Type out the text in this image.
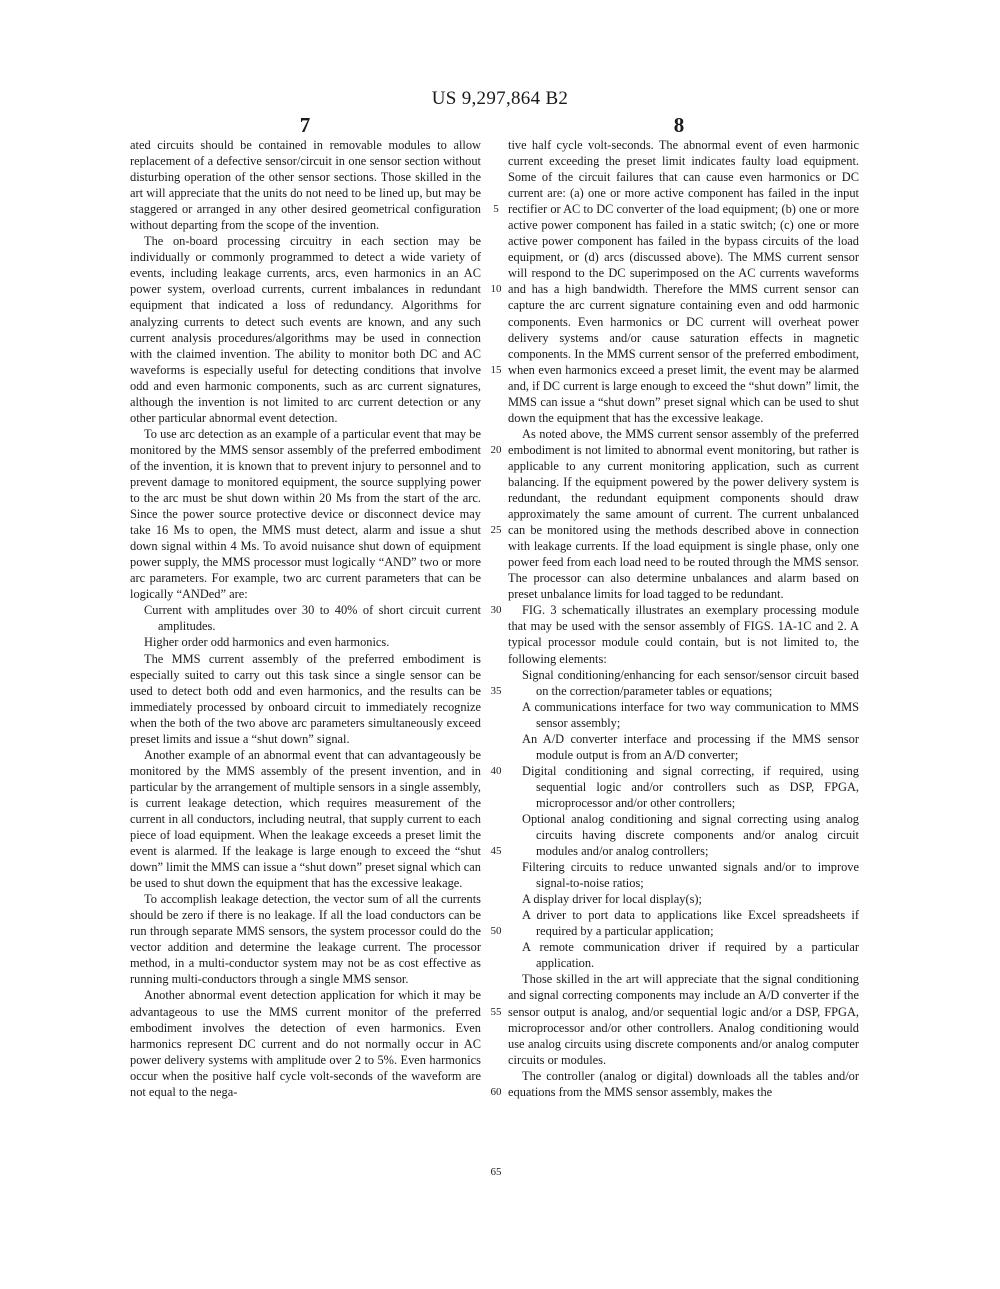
US 9,297,864 B2
7	8

ated circuits should be contained in removable modules to allow replacement of a defective sensor/circuit in one sensor section without disturbing operation of the other sensor sections. Those skilled in the art will appreciate that the units do not need to be lined up, but may be staggered or arranged in any other desired geometrical configuration without departing from the scope of the invention.

The on-board processing circuitry in each section may be individually or commonly programmed to detect a wide variety of events, including leakage currents, arcs, even harmonics in an AC power system, overload currents, current imbalances in redundant equipment that indicated a loss of redundancy. Algorithms for analyzing currents to detect such events are known, and any such current analysis procedures/algorithms may be used in connection with the claimed invention. The ability to monitor both DC and AC waveforms is especially useful for detecting conditions that involve odd and even harmonic components, such as arc current signatures, although the invention is not limited to arc current detection or any other particular abnormal event detection.

To use arc detection as an example of a particular event that may be monitored by the MMS sensor assembly of the preferred embodiment of the invention, it is known that to prevent injury to personnel and to prevent damage to monitored equipment, the source supplying power to the arc must be shut down within 20 Ms from the start of the arc. Since the power source protective device or disconnect device may take 16 Ms to open, the MMS must detect, alarm and issue a shut down signal within 4 Ms. To avoid nuisance shut down of equipment power supply, the MMS processor must logically “AND” two or more arc parameters. For example, two arc current parameters that can be logically “ANDed” are:

Current with amplitudes over 30 to 40% of short circuit current amplitudes.

Higher order odd harmonics and even harmonics.

The MMS current assembly of the preferred embodiment is especially suited to carry out this task since a single sensor can be used to detect both odd and even harmonics, and the results can be immediately processed by onboard circuit to immediately recognize when the both of the two above arc parameters simultaneously exceed preset limits and issue a “shut down” signal.

Another example of an abnormal event that can advantageously be monitored by the MMS assembly of the present invention, and in particular by the arrangement of multiple sensors in a single assembly, is current leakage detection, which requires measurement of the current in all conductors, including neutral, that supply current to each piece of load equipment. When the leakage exceeds a preset limit the event is alarmed. If the leakage is large enough to exceed the “shut down” limit the MMS can issue a “shut down” preset signal which can be used to shut down the equipment that has the excessive leakage.

To accomplish leakage detection, the vector sum of all the currents should be zero if there is no leakage. If all the load conductors can be run through separate MMS sensors, the system processor could do the vector addition and determine the leakage current. The processor method, in a multi-conductor system may not be as cost effective as running multi-conductors through a single MMS sensor.

Another abnormal event detection application for which it may be advantageous to use the MMS current monitor of the preferred embodiment involves the detection of even harmonics. Even harmonics represent DC current and do not normally occur in AC power delivery systems with amplitude over 2 to 5%. Even harmonics occur when the positive half cycle volt-seconds of the waveform are not equal to the nega-

tive half cycle volt-seconds. The abnormal event of even harmonic current exceeding the preset limit indicates faulty load equipment. Some of the circuit failures that can cause even harmonics or DC current are: (a) one or more active component has failed in the input rectifier or AC to DC converter of the load equipment; (b) one or more active power component has failed in a static switch; (c) one or more active power component has failed in the bypass circuits of the load equipment, or (d) arcs (discussed above). The MMS current sensor will respond to the DC superimposed on the AC currents waveforms and has a high bandwidth. Therefore the MMS current sensor can capture the arc current signature containing even and odd harmonic components. Even harmonics or DC current will overheat power delivery systems and/or cause saturation effects in magnetic components. In the MMS current sensor of the preferred embodiment, when even harmonics exceed a preset limit, the event may be alarmed and, if DC current is large enough to exceed the “shut down” limit, the MMS can issue a “shut down” preset signal which can be used to shut down the equipment that has the excessive leakage.

As noted above, the MMS current sensor assembly of the preferred embodiment is not limited to abnormal event monitoring, but rather is applicable to any current monitoring application, such as current balancing. If the equipment powered by the power delivery system is redundant, the redundant equipment components should draw approximately the same amount of current. The current unbalanced can be monitored using the methods described above in connection with leakage currents. If the load equipment is single phase, only one power feed from each load need to be routed through the MMS sensor. The processor can also determine unbalances and alarm based on preset unbalance limits for load tagged to be redundant.

FIG. 3 schematically illustrates an exemplary processing module that may be used with the sensor assembly of FIGS. 1A-1C and 2. A typical processor module could contain, but is not limited to, the following elements:

Signal conditioning/enhancing for each sensor/sensor circuit based on the correction/parameter tables or equations;

A communications interface for two way communication to MMS sensor assembly;

An A/D converter interface and processing if the MMS sensor module output is from an A/D converter;

Digital conditioning and signal correcting, if required, using sequential logic and/or controllers such as DSP, FPGA, microprocessor and/or other controllers;

Optional analog conditioning and signal correcting using analog circuits having discrete components and/or analog circuit modules and/or analog controllers;

Filtering circuits to reduce unwanted signals and/or to improve signal-to-noise ratios;

A display driver for local display(s);

A driver to port data to applications like Excel spreadsheets if required by a particular application;

A remote communication driver if required by a particular application.

Those skilled in the art will appreciate that the signal conditioning and signal correcting components may include an A/D converter if the sensor output is analog, and/or sequential logic and/or a DSP, FPGA, microprocessor and/or other controllers. Analog conditioning would use analog circuits using discrete components and/or analog computer circuits or modules.

The controller (analog or digital) downloads all the tables and/or equations from the MMS sensor assembly, makes the

5
10
15
20
25
30
35
40
45
50
55
60
65
